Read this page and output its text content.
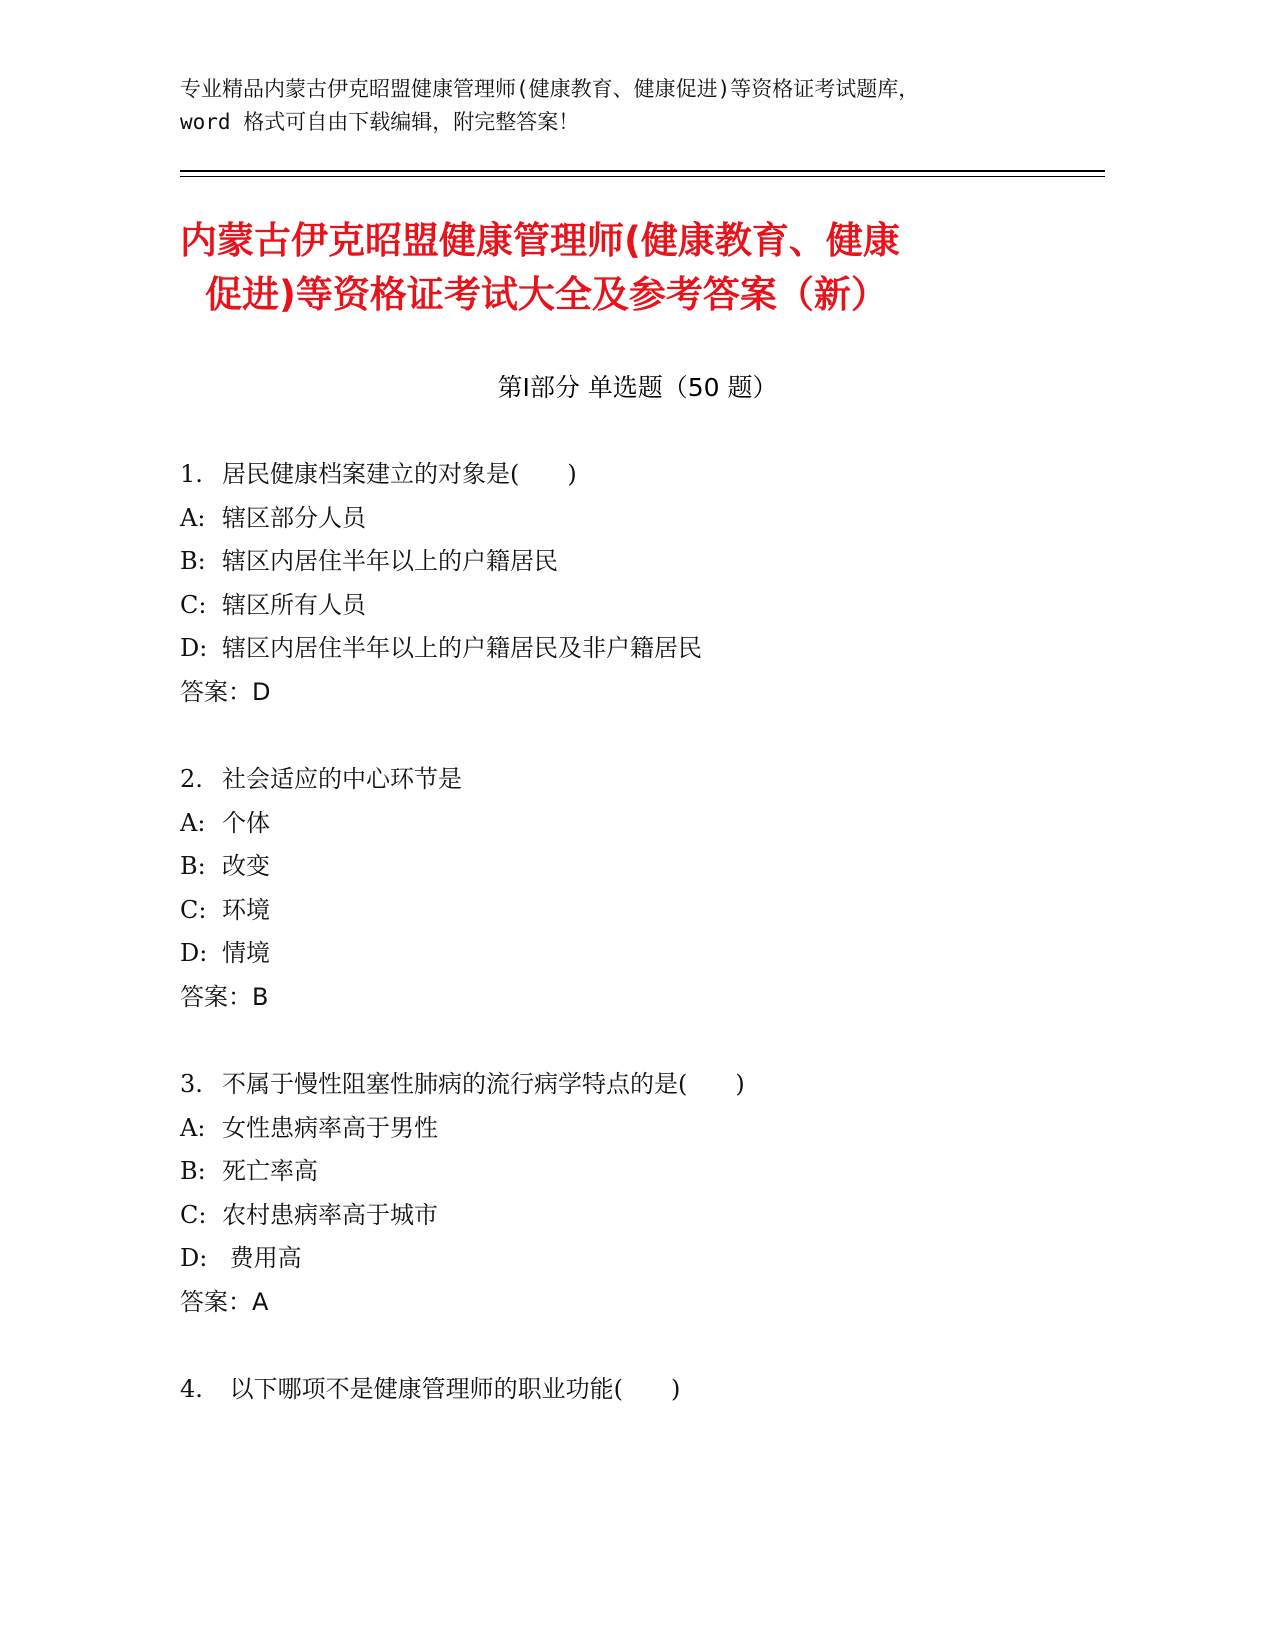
专业精品内蒙古伊克昭盟健康管理师(健康教育、健康促进)等资格证考试题库，
word 格式可自由下载编辑，附完整答案！
内蒙古伊克昭盟健康管理师(健康教育、健康
促进)等资格证考试大全及参考答案（新）
第Ⅰ部分 单选题（50 题）
1. 居民健康档案建立的对象是(　　)
A: 辖区部分人员
B: 辖区内居住半年以上的户籍居民
C: 辖区所有人员
D: 辖区内居住半年以上的户籍居民及非户籍居民
答案：D
2. 社会适应的中心环节是
A: 个体
B: 改变
C: 环境
D: 情境
答案：B
3. 不属于慢性阻塞性肺病的流行病学特点的是(　　)
A: 女性患病率高于男性
B: 死亡率高
C: 农村患病率高于城市
D: 费用高
答案：A
4. 以下哪项不是健康管理师的职业功能(　　)
